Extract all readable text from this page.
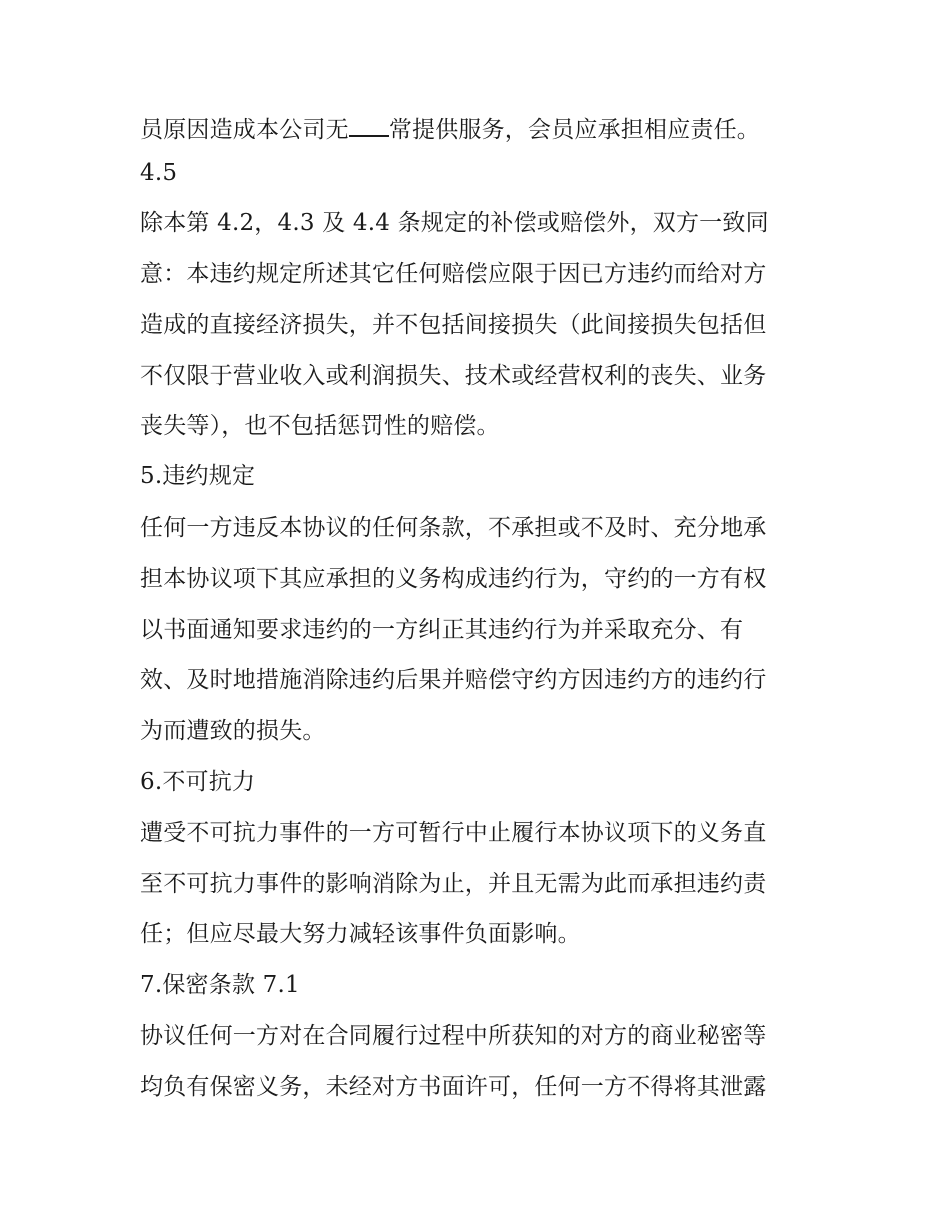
员原因造成本公司无 常提供服务，会员应承担相应责任。
4.5
除本第 4.2，4.3 及 4.4 条规定的补偿或赔偿外，双方一致同
意：本违约规定所述其它任何赔偿应限于因已方违约而给对方
造成的直接经济损失，并不包括间接损失（此间接损失包括但
不仅限于营业收入或利润损失、技术或经营权利的丧失、业务
丧失等），也不包括惩罚性的赔偿。
5.违约规定
任何一方违反本协议的任何条款，不承担或不及时、充分地承
担本协议项下其应承担的义务构成违约行为，守约的一方有权
以书面通知要求违约的一方纠正其违约行为并采取充分、有
效、及时地措施消除违约后果并赔偿守约方因违约方的违约行
为而遭致的损失。
6.不可抗力
遭受不可抗力事件的一方可暂行中止履行本协议项下的义务直
至不可抗力事件的影响消除为止，并且无需为此而承担违约责
任；但应尽最大努力减轻该事件负面影响。
7.保密条款 7.1
协议任何一方对在合同履行过程中所获知的对方的商业秘密等
均负有保密义务，未经对方书面许可，任何一方不得将其泄露
